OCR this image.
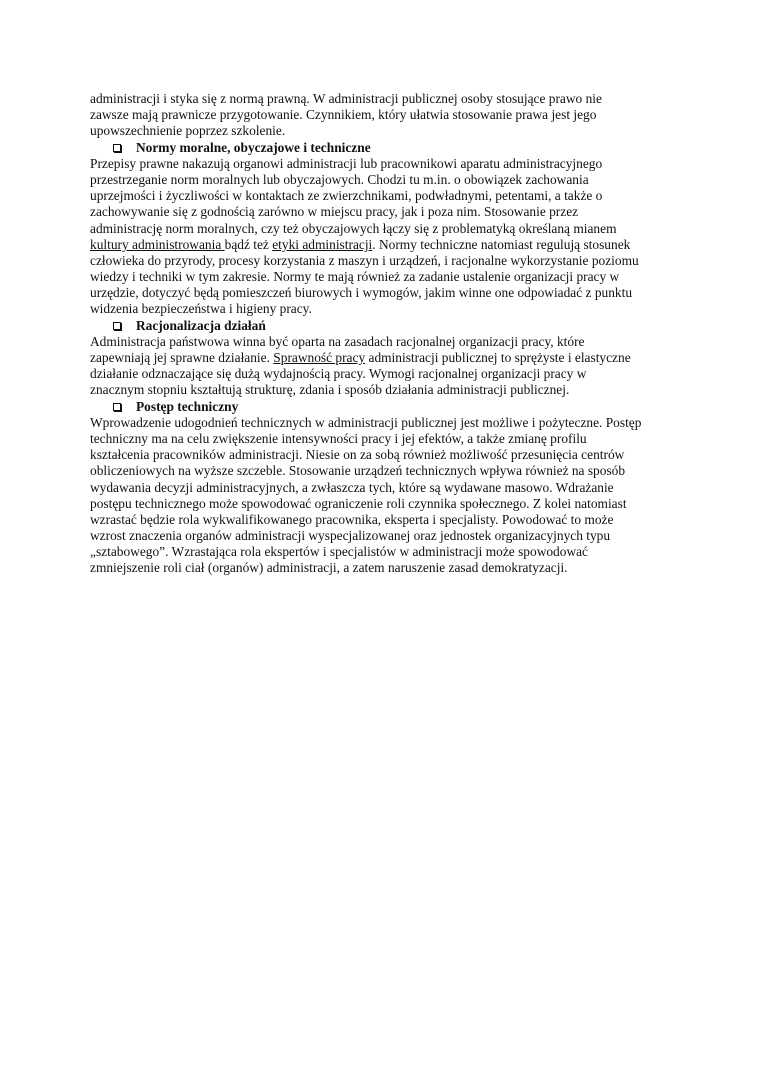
administracji i styka się z normą prawną. W administracji publicznej osoby stosujące prawo nie
zawsze mają prawnicze przygotowanie. Czynnikiem, który ułatwia stosowanie prawa jest jego
upowszechnienie poprzez szkolenie.
Normy moralne, obyczajowe i techniczne
Przepisy prawne nakazują organowi administracji lub pracownikowi aparatu administracyjnego
przestrzeganie norm moralnych lub obyczajowych. Chodzi tu m.in. o obowiązek zachowania
uprzejmości i życzliwości w kontaktach ze zwierzchnikami, podwładnymi, petentami, a także o
zachowywanie się z godnością zarówno w miejscu pracy, jak i poza nim. Stosowanie przez
administrację norm moralnych, czy też obyczajowych łączy się z problematyką określaną mianem
kultury administrowania bądź też etyki administracji. Normy techniczne natomiast regulują stosunek
człowieka do przyrody, procesy korzystania z maszyn i urządzeń, i racjonalne wykorzystanie poziomu
wiedzy i techniki w tym zakresie. Normy te mają również za zadanie ustalenie organizacji pracy w
urzędzie, dotyczyć będą pomieszczeń biurowych i wymogów, jakim winne one odpowiadać z punktu
widzenia bezpieczeństwa i higieny pracy.
Racjonalizacja działań
Administracja państwowa winna być oparta na zasadach racjonalnej organizacji pracy, które
zapewniają jej sprawne działanie. Sprawność pracy administracji publicznej to sprężyste i elastyczne
działanie odznaczające się dużą wydajnością pracy. Wymogi racjonalnej organizacji pracy w
znacznym stopniu kształtują strukturę, zdania i sposób działania administracji publicznej.
Postęp techniczny
Wprowadzenie udogodnień technicznych w administracji publicznej jest możliwe i pożyteczne. Postęp
techniczny ma na celu zwiększenie intensywności pracy i jej efektów, a także zmianę profilu
kształcenia pracowników administracji. Niesie on za sobą również możliwość przesunięcia centrów
obliczeniowych na wyższe szczeble. Stosowanie urządzeń technicznych wpływa również na sposób
wydawania decyzji administracyjnych, a zwłaszcza tych, które są wydawane masowo. Wdrażanie
postępu technicznego może spowodować ograniczenie roli czynnika społecznego. Z kolei natomiast
wzrastać będzie rola wykwalifikowanego pracownika, eksperta i specjalisty. Powodować to może
wzrost znaczenia organów administracji wyspecjalizowanej oraz jednostek organizacyjnych typu
„sztabowego”. Wzrastająca rola ekspertów i specjalistów w administracji może spowodować
zmniejszenie roli ciał (organów) administracji, a zatem naruszenie zasad demokratyzacji.
